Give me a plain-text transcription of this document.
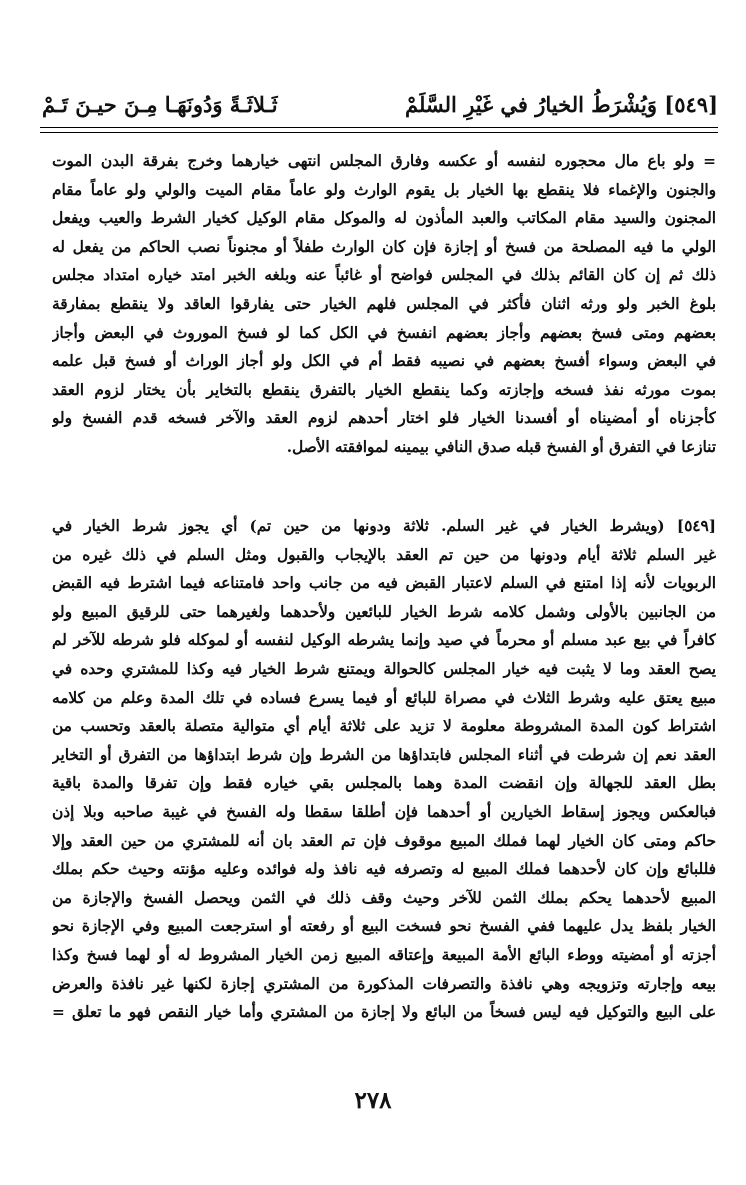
[٥٤٩] وَيُشْرَطُ الخيارُ في غَيْرِ السَّلَمْ
ثَـلاثَـةً وَدُونَهَـا مِـنَ حيـنَ تَـمْ
= ولو باع مال محجوره لنفسه أو عكسه وفارق المجلس انتهى خيارهما وخرج بفرقة البدن الموت
والجنون والإغماء فلا ينقطع بها الخيار بل يقوم الوارث ولو عاماً مقام الميت والولي ولو عاماً مقام
المجنون والسيد مقام المكاتب والعبد المأذون له والموكل مقام الوكيل كخيار الشرط والعيب ويفعل
الولي ما فيه المصلحة من فسخ أو إجازة فإن كان الوارث طفلاً أو مجنوناً نصب الحاكم من يفعل له
ذلك ثم إن كان القائم بذلك في المجلس فواضح أو غائباً عنه وبلغه الخبر امتد خياره امتداد مجلس
بلوغ الخبر ولو ورثه اثنان فأكثر في المجلس فلهم الخيار حتى يفارقوا العاقد ولا ينقطع بمفارقة
بعضهم ومتى فسخ بعضهم وأجاز بعضهم انفسخ في الكل كما لو فسخ الموروث في البعض وأجاز
في البعض وسواء أفسخ بعضهم في نصيبه فقط أم في الكل ولو أجاز الوراث أو فسخ قبل علمه
بموت مورثه نفذ فسخه وإجازته وكما ينقطع الخيار بالتفرق ينقطع بالتخاير بأن يختار لزوم العقد
كأجزناه أو أمضيناه أو أفسدنا الخيار فلو اختار أحدهم لزوم العقد والآخر فسخه قدم الفسخ ولو
تنازعا في التفرق أو الفسخ قبله صدق النافي بيمينه لموافقته الأصل.
[٥٤٩] (ويشرط الخيار في غير السلم. ثلاثة ودونها من حين تم) أي يجوز شرط الخيار في
غير السلم ثلاثة أيام ودونها من حين تم العقد بالإيجاب والقبول ومثل السلم في ذلك غيره من
الربويات لأنه إذا امتنع في السلم لاعتبار القبض فيه من جانب واحد فامتناعه فيما اشترط فيه القبض
من الجانبين بالأولى وشمل كلامه شرط الخيار للبائعين ولأحدهما ولغيرهما حتى للرقيق المبيع ولو
كافراً في بيع عبد مسلم أو محرماً في صيد وإنما يشرطه الوكيل لنفسه أو لموكله فلو شرطه للآخر لم
يصح العقد وما لا يثبت فيه خيار المجلس كالحوالة ويمتنع شرط الخيار فيه وكذا للمشتري وحده في
مبيع يعتق عليه وشرط الثلاث في مصراة للبائع أو فيما يسرع فساده في تلك المدة وعلم من كلامه
اشتراط كون المدة المشروطة معلومة لا تزيد على ثلاثة أيام أي متوالية متصلة بالعقد وتحسب من
العقد نعم إن شرطت في أثناء المجلس فابتداؤها من الشرط وإن شرط ابتداؤها من التفرق أو التخاير
بطل العقد للجهالة وإن انقضت المدة وهما بالمجلس بقي خياره فقط وإن تفرقا والمدة باقية
فبالعكس ويجوز إسقاط الخيارين أو أحدهما فإن أطلقا سقطا وله الفسخ في غيبة صاحبه وبلا إذن
حاكم ومتى كان الخيار لهما فملك المبيع موقوف فإن تم العقد بان أنه للمشتري من حين العقد وإلا
فللبائع وإن كان لأحدهما فملك المبيع له وتصرفه فيه نافذ وله فوائده وعليه مؤنته وحيث حكم بملك
المبيع لأحدهما يحكم بملك الثمن للآخر وحيث وقف ذلك في الثمن ويحصل الفسخ والإجازة من
الخيار بلفظ يدل عليهما ففي الفسخ نحو فسخت البيع أو رفعته أو استرجعت المبيع وفي الإجازة نحو
أجزته أو أمضيته ووطء البائع الأمة المبيعة وإعتاقه المبيع زمن الخيار المشروط له أو لهما فسخ وكذا
بيعه وإجارته وتزويجه وهي نافذة والتصرفات المذكورة من المشتري إجازة لكنها غير نافذة والعرض
على البيع والتوكيل فيه ليس فسخاً من البائع ولا إجازة من المشتري وأما خيار النقص فهو ما تعلق =
٢٧٨
